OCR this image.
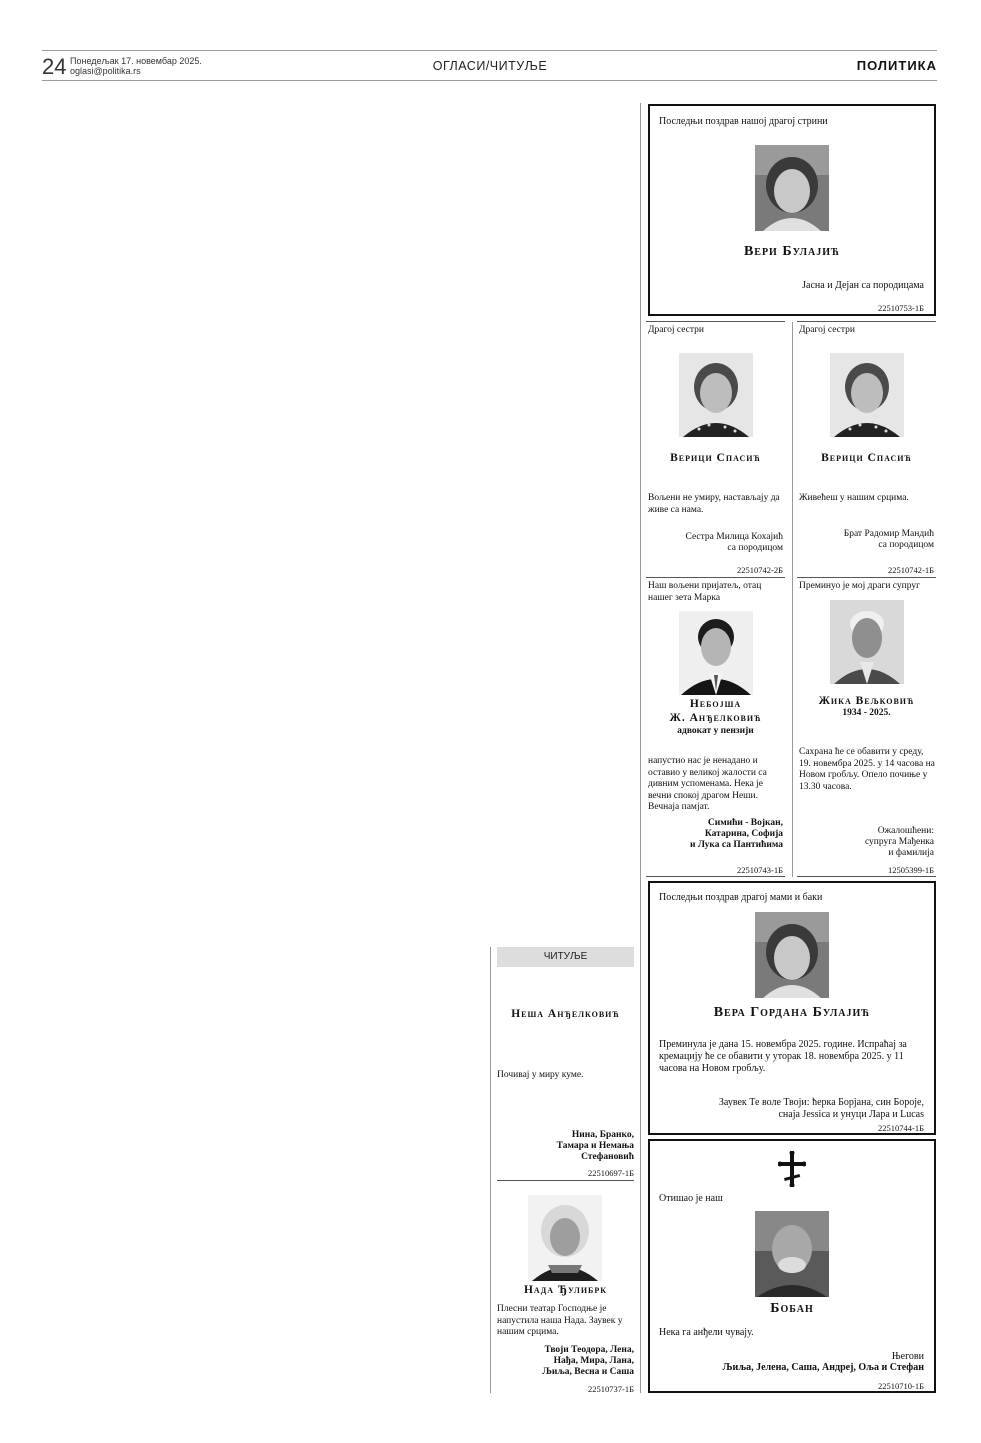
24 Понедељак 17. новембар 2025.
oglasi@politika.rs	ОГЛАСИ/ЧИТУЉЕ	ПОЛИТИКА
Последњи поздрав нашој драгој стрини
Вери Булајић
Јасна и Дејан са породицама
22510753-1Б
Драгој сестри
Верици Спасић
Вољени не умиру, настављају да живе са нама.
Сестра Милица Кохајић
са породицом
22510742-2Б
Драгој сестри
Верици Спасић
Живећеш у нашим срцима.
Брат Радомир Мандић
са породицом
22510742-1Б
Наш вољени пријатељ, отац нашег зета Марка
Небојша
Ж. Анђелковић
адвокат у пензији
напустио нас је ненадано и оставио у великој жалости са дивним успоменама. Нека је вечни спокој драгом Неши. Вечнаја памјат.
Симићи - Војкан,
Катарина, Софија
и Лука са Пантићима
22510743-1Б
Преминуо је мој драги супруг
Жика Вељковић
1934 - 2025.
Сахрана ће се обавити у среду, 19. новембра 2025. у 14 часова на Новом гробљу. Опело почиње у 13.30 часова.
Ожалошћени:
супруга Мађенка
и фамилија
12505399-1Б
Последњи поздрав драгој мами и баки
Вера Гордана Булајић
Преминула је дана 15. новембра 2025. године. Испраћај за кремацију ће се обавити у уторак 18. новембра 2025. у 11 часова на Новом гробљу.
Заувек Те воле Твоји: ћерка Борјана, син Борoje,
снаја Jessica и унуци Лара и Lucas
22510744-1Б
Отишао је наш
Бобан
Нека га анђели чувају.
Његови
Љиља, Јелена, Саша, Андреј, Оља и Стефан
22510710-1Б
ЧИТУЉЕ
Неша Анђелковић
Почивај у миру куме.
Нина, Бранко,
Тамара и Немања
Стефановић
22510697-1Б
Нада Ђулибрк
Плесни театар Господње је напустила наша Нада. Заувек у нашим срцима.
Твоји Теодора, Лена,
Нађа, Мира, Лана,
Љиља, Весна и Саша
22510737-1Б
